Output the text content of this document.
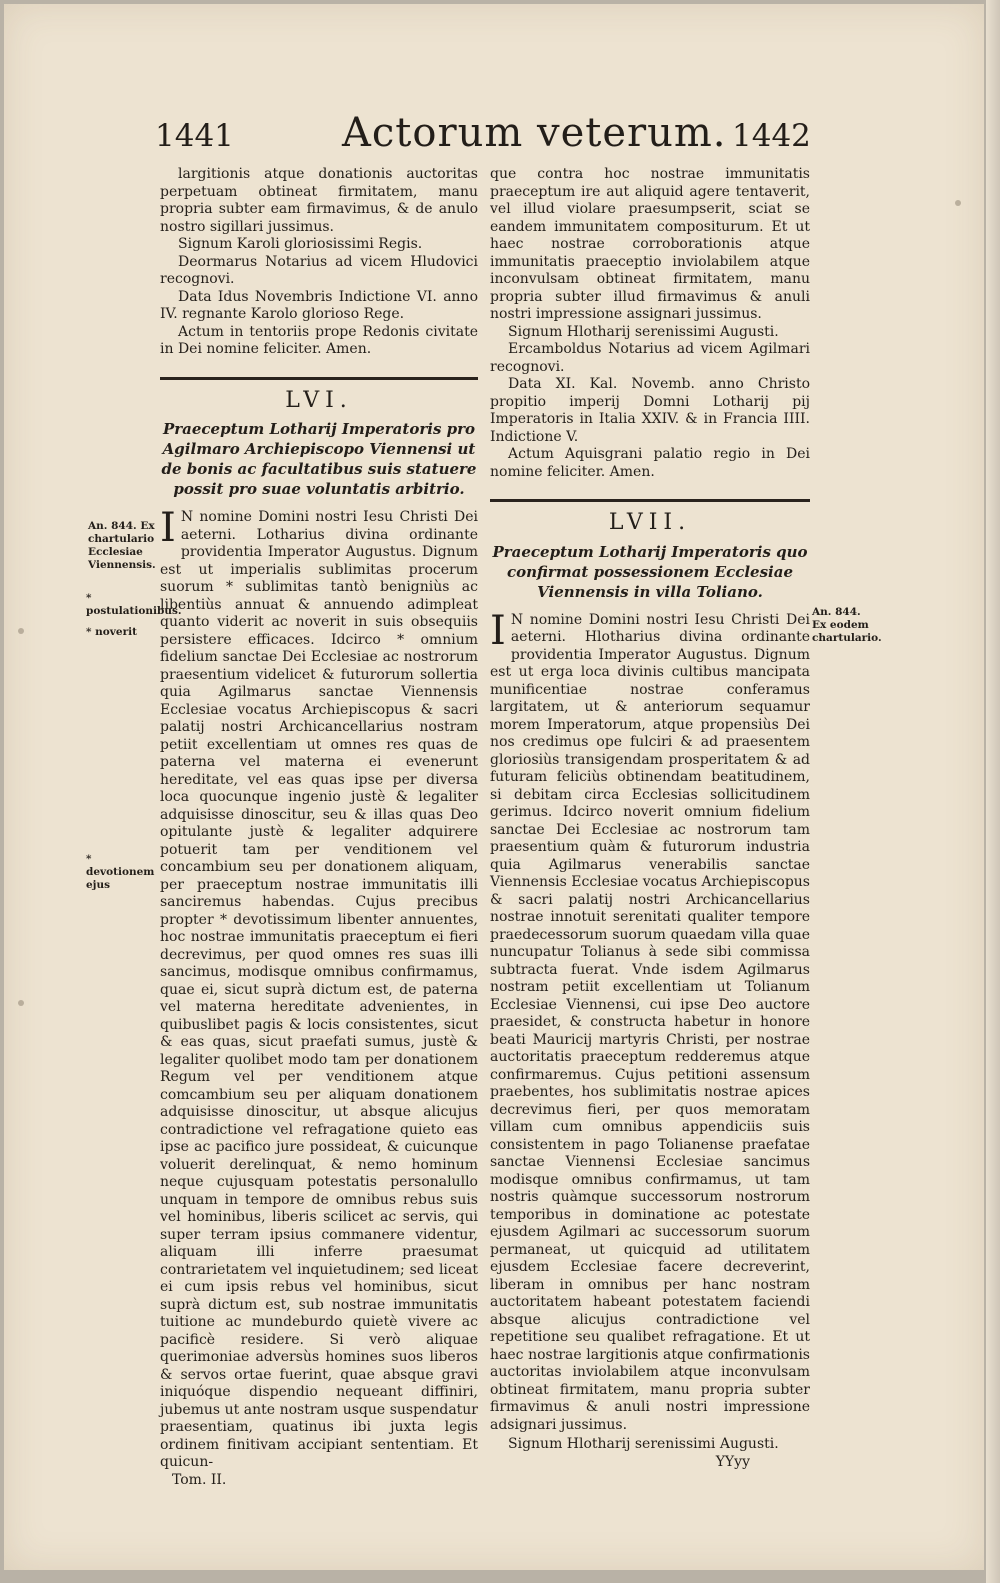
1441	Actorum veterum. 1442

largitionis atque donationis auctoritas perpetuam obtineat firmitatem, manu propria subter eam firmavimus, & de anulo nostro sigillari jussimus.

Signum Karoli gloriosissimi Regis.

Deormarus Notarius ad vicem Hludovici recognovi.

Data Idus Novembris Indictione VI. anno IV. regnante Karolo glorioso Rege.

Actum in tentoriis prope Redonis civitate in Dei nomine feliciter. Amen.

LVI.
Praeceptum Lotharij Imperatoris pro Agilmaro Archiepiscopo Viennensi ut de bonis ac facultatibus suis statuere possit pro suae voluntatis arbitrio.

I N nomine Domini nostri Iesu Christi Dei aeterni. Lotharius divina ordinante providentia Imperator Augustus. Dignum est ut imperialis sublimitas procerum suorum * sublimitas tantò benigniùs ac libentiùs annuat & annuendo adimpleat quanto viderit ac noverit in suis obsequiis persistere efficaces. Idcirco * omnium fidelium sanctae Dei Ecclesiae ac nostrorum praesentium videlicet & futurorum sollertia quia Agilmarus sanctae Viennensis Ecclesiae vocatus Archiepiscopus & sacri palatij nostri Archicancellarius nostram petiit excellentiam ut omnes res quas de paterna vel materna ei evenerunt hereditate, vel eas quas ipse per diversa loca quocunque ingenio justè & legaliter adquisisse dinoscitur, seu & illas quas Deo opitulante justè & legaliter adquirere potuerit tam per venditionem vel concambium seu per donationem aliquam, per praeceptum nostrae immunitatis illi sanciremus habendas. Cujus precibus propter * devotissimum libenter annuentes, hoc nostrae immunitatis praeceptum ei fieri decrevimus, per quod omnes res suas illi sancimus, modisque omnibus confirmamus, quae ei, sicut suprà dictum est, de paterna vel materna hereditate advenientes, in quibuslibet pagis & locis consistentes, sicut & eas quas, sicut praefati sumus, justè & legaliter quolibet modo tam per donationem Regum vel per venditionem atque comcambium seu per aliquam donationem adquisisse dinoscitur, ut absque alicujus contradictione vel refragatione quieto eas ipse ac pacifico jure possideat, & cuicunque voluerit derelinquat, & nemo hominum neque cujusquam potestatis personalullo unquam in tempore de omnibus rebus suis vel hominibus, liberis scilicet ac servis, qui super terram ipsius commanere videntur, aliquam illi inferre praesumat contrarietatem vel inquietudinem; sed liceat ei cum ipsis rebus vel hominibus, sicut suprà dictum est, sub nostrae immunitatis tuitione ac mundeburdo quietè vivere ac pacificè residere. Si verò aliquae querimoniae adversùs homines suos liberos & servos ortae fuerint, quae absque gravi iniquóque dispendio nequeant diffiniri, jubemus ut ante nostram usque suspendatur praesentiam, quatinus ibi juxta legis ordinem finitivam accipiant sententiam. Et quicun-

Tom. II.

que contra hoc nostrae immunitatis praeceptum ire aut aliquid agere tentaverit, vel illud violare praesumpserit, sciat se eandem immunitatem compositurum. Et ut haec nostrae corroborationis atque immunitatis praeceptio inviolabilem atque inconvulsam obtineat firmitatem, manu propria subter illud firmavimus & anuli nostri impressione assignari jussimus.

Signum Hlotharij serenissimi Augusti.

Ercamboldus Notarius ad vicem Agilmari recognovi.

Data XI. Kal. Novemb. anno Christo propitio imperij Domni Lotharij pij Imperatoris in Italia XXIV. & in Francia IIII. Indictione V.

Actum Aquisgrani palatio regio in Dei nomine feliciter. Amen.

LVII.
Praeceptum Lotharij Imperatoris quo confirmat possessionem Ecclesiae Viennensis in villa Toliano.

I N nomine Domini nostri Iesu Christi Dei aeterni. Hlotharius divina ordinante providentia Imperator Augustus. Dignum est ut erga loca divinis cultibus mancipata munificentiae nostrae conferamus largitatem, ut & anteriorum sequamur morem Imperatorum, atque propensiùs Dei nos credimus ope fulciri & ad praesentem gloriosiùs transigendam prosperitatem & ad futuram feliciùs obtinendam beatitudinem, si debitam circa Ecclesias sollicitudinem gerimus. Idcirco noverit omnium fidelium sanctae Dei Ecclesiae ac nostrorum tam praesentium quàm & futurorum industria quia Agilmarus venerabilis sanctae Viennensis Ecclesiae vocatus Archiepiscopus & sacri palatij nostri Archicancellarius nostrae innotuit serenitati qualiter tempore praedecessorum suorum quaedam villa quae nuncupatur Tolianus à sede sibi commissa subtracta fuerat. Vnde isdem Agilmarus nostram petiit excellentiam ut Tolianum Ecclesiae Viennensi, cui ipse Deo auctore praesidet, & constructa habetur in honore beati Mauricij martyris Christi, per nostrae auctoritatis praeceptum redderemus atque confirmaremus. Cujus petitioni assensum praebentes, hos sublimitatis nostrae apices decrevimus fieri, per quos memoratam villam cum omnibus appendiciis suis consistentem in pago Tolianense praefatae sanctae Viennensi Ecclesiae sancimus modisque omnibus confirmamus, ut tam nostris quàmque successorum nostrorum temporibus in dominatione ac potestate ejusdem Agilmari ac successorum suorum permaneat, ut quicquid ad utilitatem ejusdem Ecclesiae facere decreverint, liberam in omnibus per hanc nostram auctoritatem habeant potestatem faciendi absque alicujus contradictione vel repetitione seu qualibet refragatione. Et ut haec nostrae largitionis atque confirmationis auctoritas inviolabilem atque inconvulsam obtineat firmitatem, manu propria subter firmavimus & anuli nostri impressione adsignari jussimus.

Signum Hlotharij serenissimi Augusti.
YYyy
An. 844. Ex chartulario Ecclesiae Viennensis.
* postulationibus.
* noverit
* devotionem ejus
An. 844. Ex eodem chartulario.
